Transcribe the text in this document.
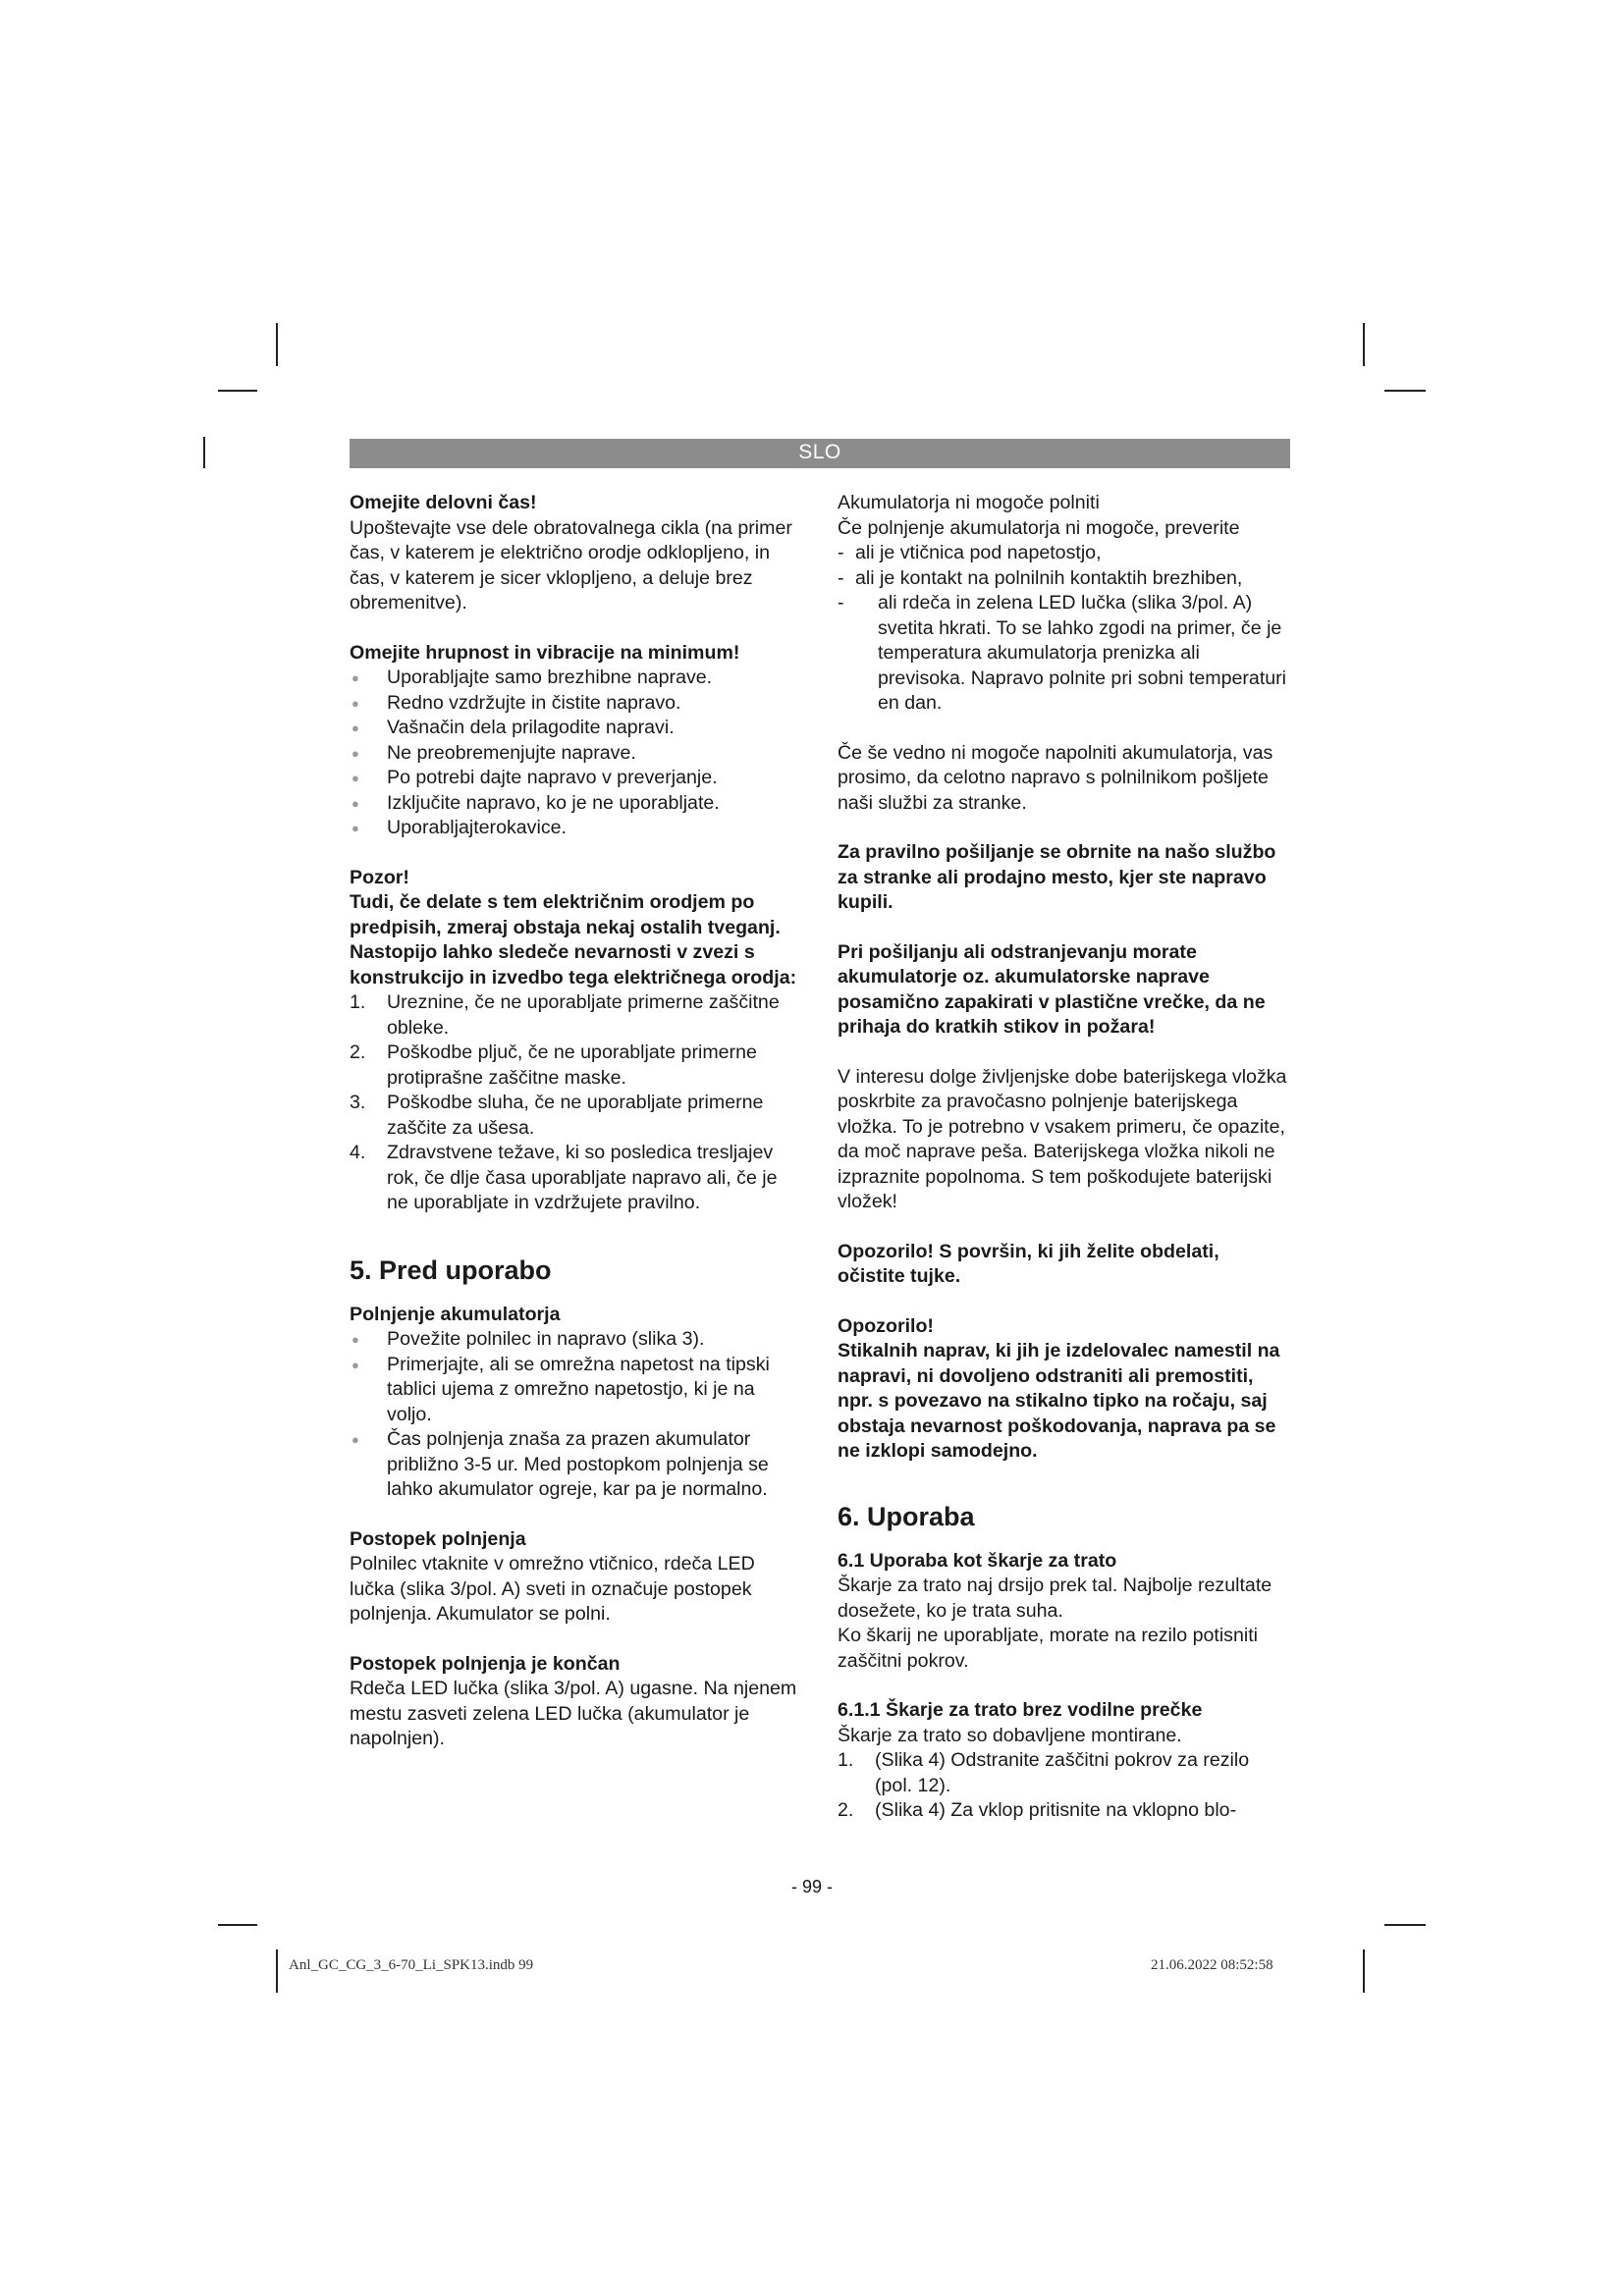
SLO

Omejite delovni čas!

Upoštevajte vse dele obratovalnega cikla (na primer čas, v katerem je električno orodje odklopljeno, in čas, v katerem je sicer vklopljeno, a deluje brez obremenitve).

Omejite hrupnost in vibracije na minimum!

● Uporabljajte samo brezhibne naprave.
● Redno vzdržujte in čistite napravo.
● Vašnačin dela prilagodite napravi.
● Ne preobremenjujte naprave.
● Po potrebi dajte napravo v preverjanje.
● Izključite napravo, ko je ne uporabljate.
● Uporabljajterokavice.

Pozor!

Tudi, če delate s tem električnim orodjem po predpisih, zmeraj obstaja nekaj ostalih tveganj. Nastopijo lahko sledeče nevarnosti v zvezi s konstrukcijo in izvedbo tega električnega orodja:

1. Ureznine, če ne uporabljate primerne zaščitne obleke.
2. Poškodbe pljuč, če ne uporabljate primerne protiprašne zaščitne maske.
3. Poškodbe sluha, če ne uporabljate primerne zaščite za ušesa.
4. Zdravstvene težave, ki so posledica tresljajev rok, če dlje časa uporabljate napravo ali, če je ne uporabljate in vzdržujete pravilno.

5. Pred uporabo

Polnjenje akumulatorja

● Povežite polnilec in napravo (slika 3).
● Primerjajte, ali se omrežna napetost na tipski tablici ujema z omrežno napetostjo, ki je na voljo.
● Čas polnjenja znaša za prazen akumulator približno 3-5 ur. Med postopkom polnjenja se lahko akumulator ogreje, kar pa je normalno.

Postopek polnjenja

Polnilec vtaknite v omrežno vtičnico, rdeča LED lučka (slika 3/pol. A) sveti in označuje postopek polnjenja. Akumulator se polni.

Postopek polnjenja je končan

Rdeča LED lučka (slika 3/pol. A) ugasne. Na njenem mestu zasveti zelena LED lučka (akumulator je napolnjen).

Akumulatorja ni mogoče polniti

Če polnjenje akumulatorja ni mogoče, preverite

- ali je vtičnica pod napetostjo,
- ali je kontakt na polnilnih kontaktih brezhiben,
- ali rdeča in zelena LED lučka (slika 3/pol. A) svetita hkrati. To se lahko zgodi na primer, če je temperatura akumulatorja prenizka ali previsoka. Napravo polnite pri sobni temperaturi en dan.

Če še vedno ni mogoče napolniti akumulatorja, vas prosimo, da celotno napravo s polnilnikom pošljete naši službi za stranke.

Za pravilno pošiljanje se obrnite na našo službo za stranke ali prodajno mesto, kjer ste napravo kupili.

Pri pošiljanju ali odstranjevanju morate akumulatorje oz. akumulatorske naprave posamično zapakirati v plastične vrečke, da ne prihaja do kratkih stikov in požara!

V interesu dolge življenjske dobe baterijskega vložka poskrbite za pravočasno polnjenje baterijskega vložka. To je potrebno v vsakem primeru, če opazite, da moč naprave peša. Baterijskega vložka nikoli ne izpraznite popolnoma. S tem poškodujete baterijski vložek!

Opozorilo! S površin, ki jih želite obdelati, očistite tujke.

Opozorilo!

Stikalnih naprav, ki jih je izdelovalec namestil na napravi, ni dovoljeno odstraniti ali premostiti, npr. s povezavo na stikalno tipko na ročaju, saj obstaja nevarnost poškodovanja, naprava pa se ne izklopi samodejno.

6. Uporaba

6.1 Uporaba kot škarje za trato

Škarje za trato naj drsijo prek tal. Najbolje rezultate dosežete, ko je trata suha.

Ko škarij ne uporabljate, morate na rezilo potisniti zaščitni pokrov.

6.1.1 Škarje za trato brez vodilne prečke

Škarje za trato so dobavljene montirane.

1. (Slika 4) Odstranite zaščitni pokrov za rezilo (pol. 12).
2. (Slika 4) Za vklop pritisnite na vklopno blo-
- 99 -
Anl_GC_CG_3_6-70_Li_SPK13.indb 99	21.06.2022 08:52:58
